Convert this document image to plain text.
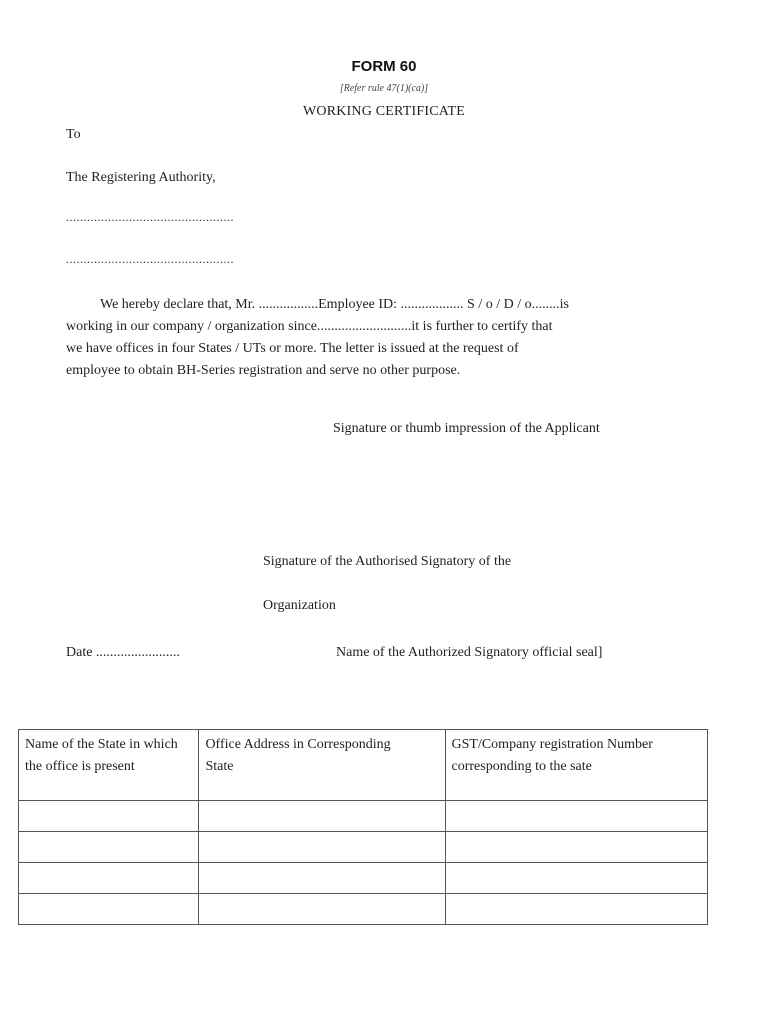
FORM 60
[Refer rule 47(1)(ca)]
WORKING CERTIFICATE
To
The Registering Authority,
................................................
................................................
We hereby declare that, Mr. .................Employee ID: .................. S / o / D / o........is
working in our company / organization since...........................it is further to certify that
we have offices in four States / UTs or more. The letter is issued at the request of
employee to obtain BH-Series registration and serve no other purpose.
Signature or thumb impression of the Applicant
Signature of the Authorised Signatory of the
Organization
Date ........................	Name of the Authorized Signatory official seal]
Name of the State in which the office is present	Office Address in Corresponding State	GST/Company registration Number corresponding to the sate
